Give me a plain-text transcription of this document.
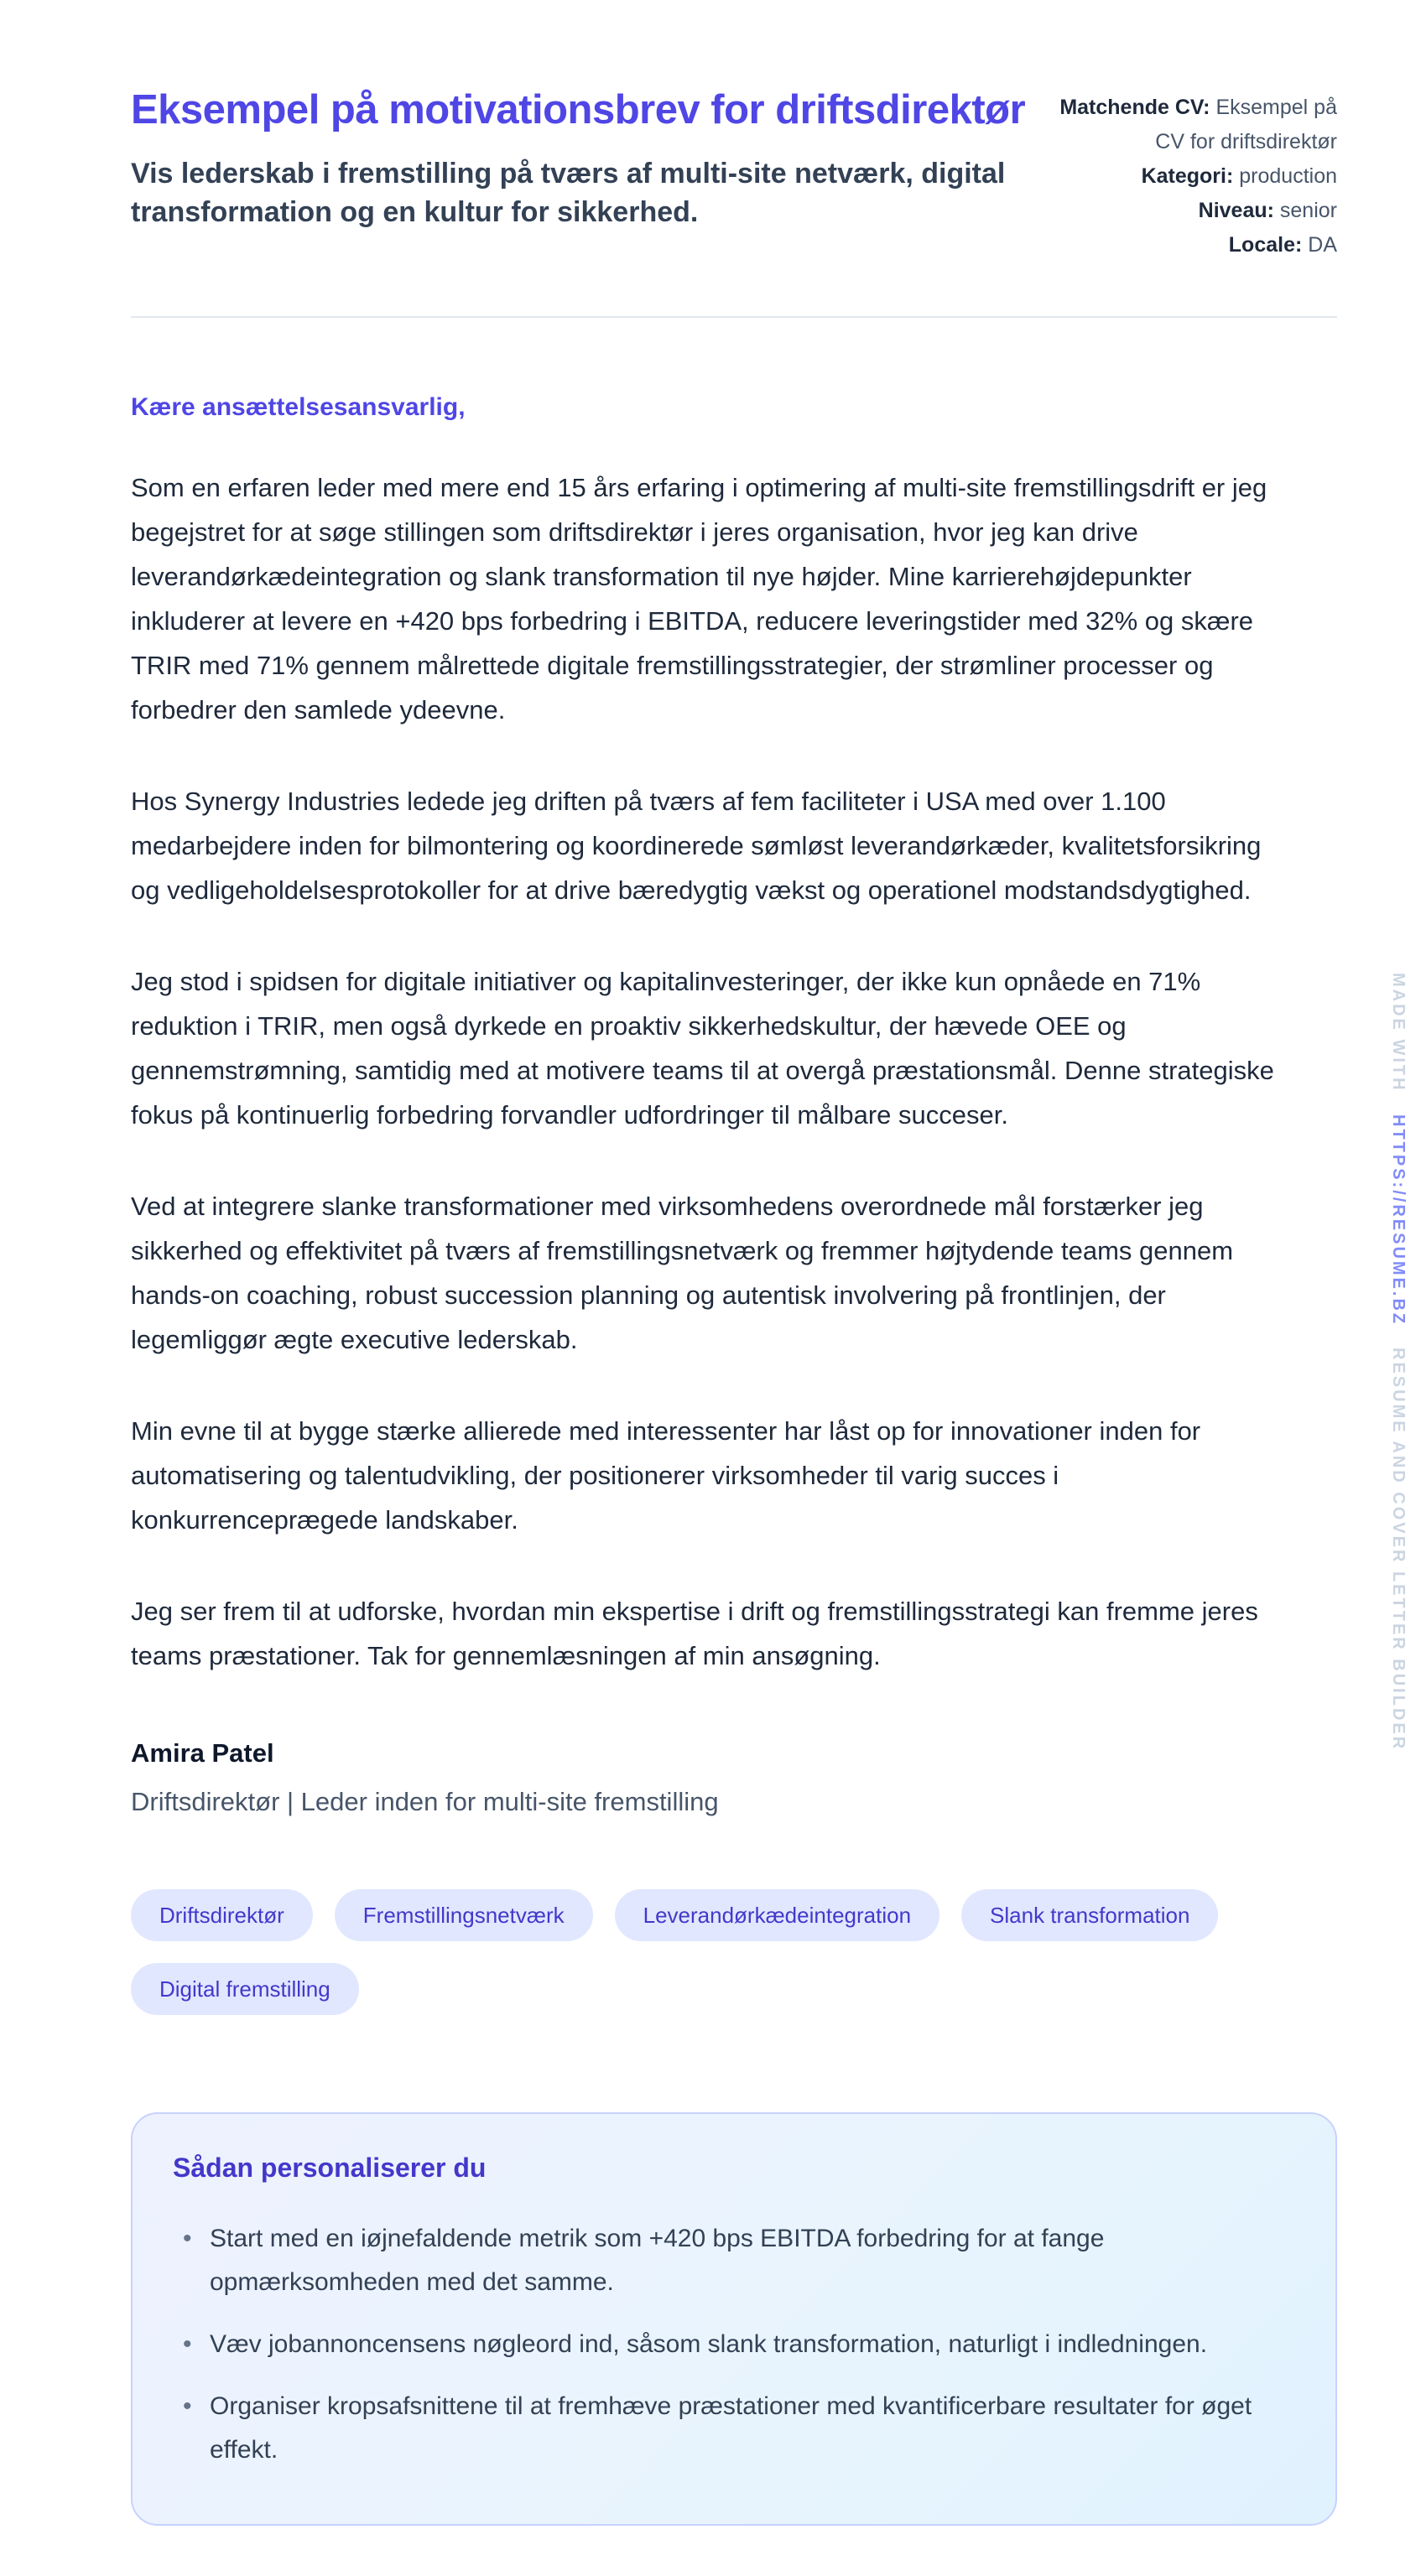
Eksempel på motivationsbrev for driftsdirektør

Vis lederskab i fremstilling på tværs af multi-site netværk, digital transformation og en kultur for sikkerhed.

Matchende CV: Eksempel på CV for driftsdirektør
Kategori: production
Niveau: senior
Locale: DA

Kære ansættelsesansvarlig,

Som en erfaren leder med mere end 15 års erfaring i optimering af multi-site fremstillingsdrift er jeg begejstret for at søge stillingen som driftsdirektør i jeres organisation, hvor jeg kan drive leverandørkædeintegration og slank transformation til nye højder. Mine karrierehøjdepunkter inkluderer at levere en +420 bps forbedring i EBITDA, reducere leveringstider med 32% og skære TRIR med 71% gennem målrettede digitale fremstillingsstrategier, der strømliner processer og forbedrer den samlede ydeevne.

Hos Synergy Industries ledede jeg driften på tværs af fem faciliteter i USA med over 1.100 medarbejdere inden for bilmontering og koordinerede sømløst leverandørkæder, kvalitetsforsikring og vedligeholdelsesprotokoller for at drive bæredygtig vækst og operationel modstandsdygtighed.

Jeg stod i spidsen for digitale initiativer og kapitalinvesteringer, der ikke kun opnåede en 71% reduktion i TRIR, men også dyrkede en proaktiv sikkerhedskultur, der hævede OEE og gennemstrømning, samtidig med at motivere teams til at overgå præstationsmål. Denne strategiske fokus på kontinuerlig forbedring forvandler udfordringer til målbare succeser.

Ved at integrere slanke transformationer med virksomhedens overordnede mål forstærker jeg sikkerhed og effektivitet på tværs af fremstillingsnetværk og fremmer højtydende teams gennem hands-on coaching, robust succession planning og autentisk involvering på frontlinjen, der legemliggør ægte executive lederskab.

Min evne til at bygge stærke allierede med interessenter har låst op for innovationer inden for automatisering og talentudvikling, der positionerer virksomheder til varig succes i konkurrenceprægede landskaber.

Jeg ser frem til at udforske, hvordan min ekspertise i drift og fremstillingsstrategi kan fremme jeres teams præstationer. Tak for gennemlæsningen af min ansøgning.

Amira Patel

Driftsdirektør | Leder inden for multi-site fremstilling

Driftsdirektør	Fremstillingsnetværk	Leverandørkædeintegration	Slank transformation
Digital fremstilling
Sådan personaliserer du
• Start med en iøjnefaldende metrik som +420 bps EBITDA forbedring for at fange opmærksomheden med det samme.
• Væv jobannoncensens nøgleord ind, såsom slank transformation, naturligt i indledningen.
• Organiser kropsafsnittene til at fremhæve præstationer med kvantificerbare resultater for øget effekt.
MADE WITH
HTTPS://RESUME.BZ
RESUME AND COVER LETTER BUILDER
